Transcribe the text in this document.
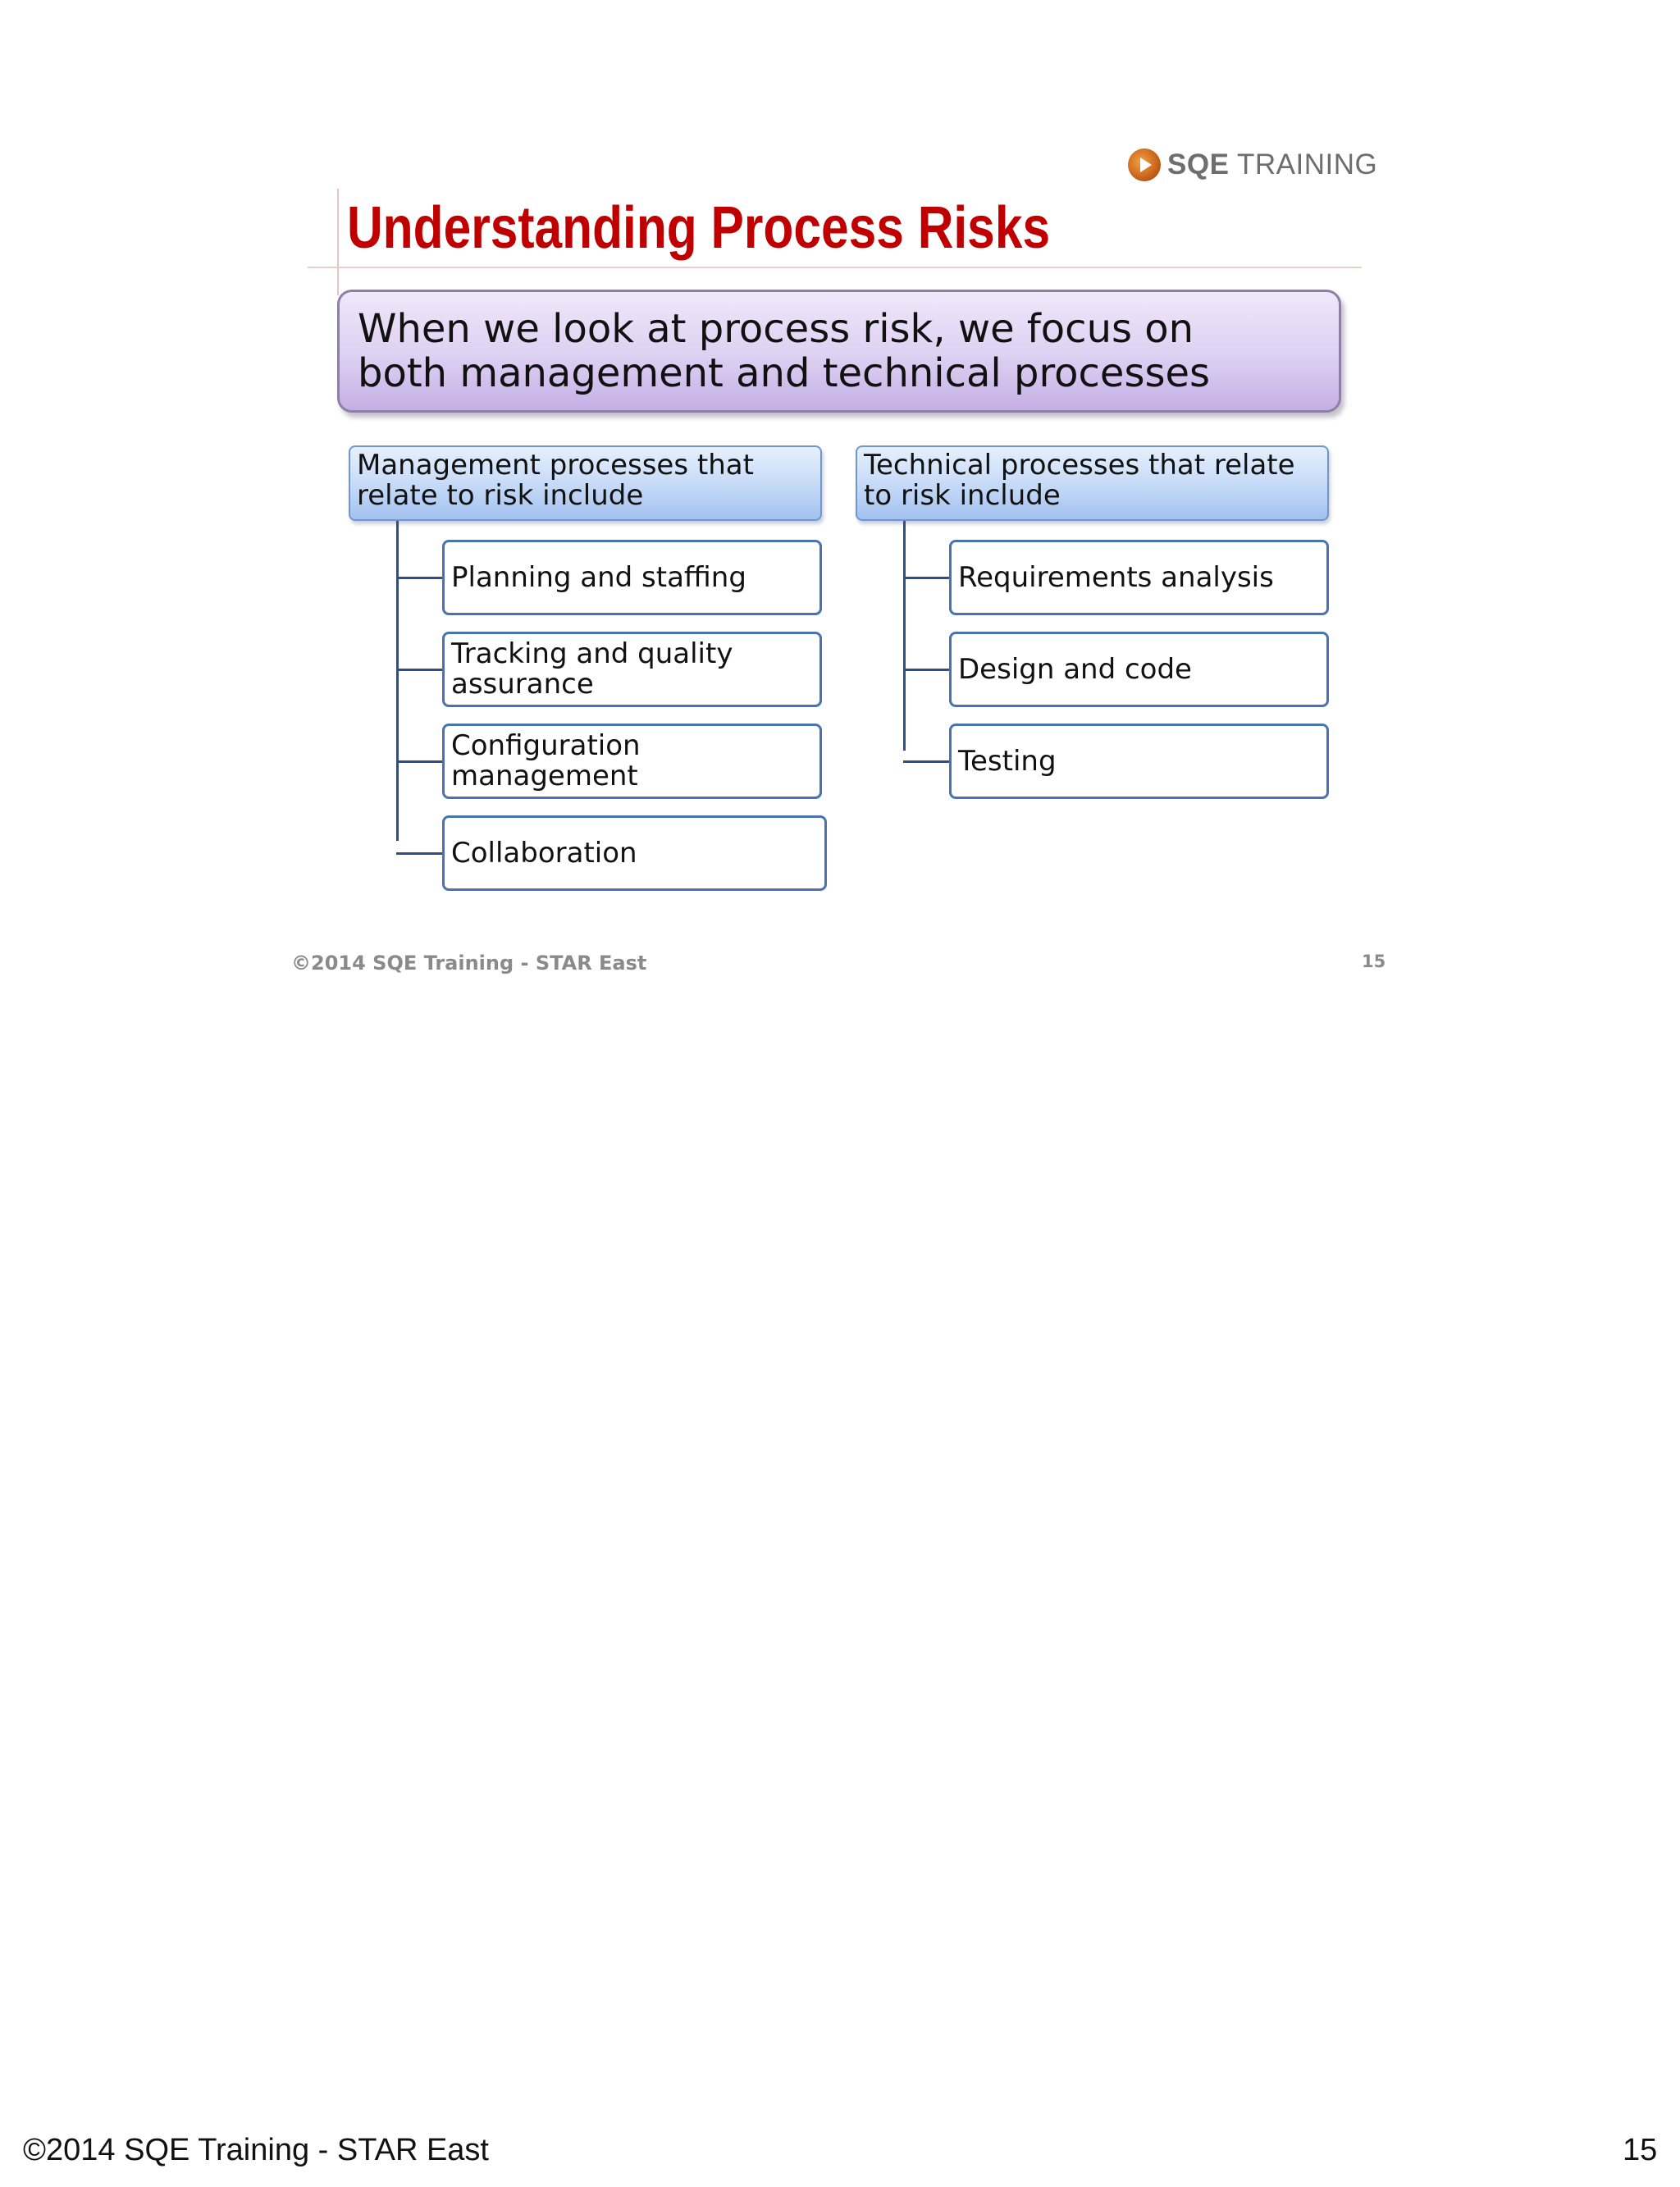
SQE TRAINING
Understanding Process Risks

When we look at process risk, we focus on
both management and technical processes

Management processes that
relate to risk include
Planning and staffing
Tracking and quality
assurance
Configuration
management
Collaboration
Technical processes that relate
to risk include
Requirements analysis
Design and code
Testing
©2014 SQE Training - STAR East	15
©2014 SQE Training - STAR East	15
